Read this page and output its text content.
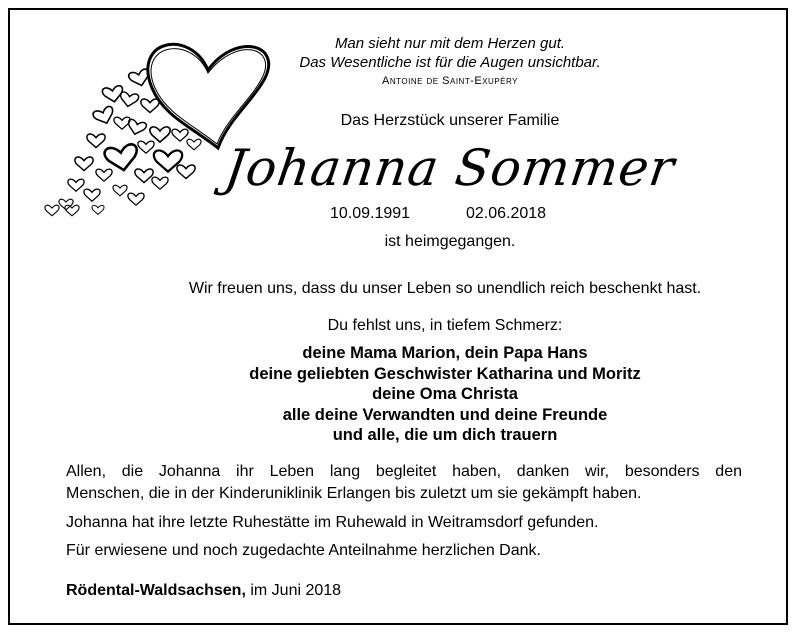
Man sieht nur mit dem Herzen gut.
Das Wesentliche ist für die Augen unsichtbar.
Antoine de Saint-Exupéry
Das Herzstück unserer Familie
Johanna Sommer
10.09.1991	02.06.2018
ist heimgegangen.
Wir freuen uns, dass du unser Leben so unendlich reich beschenkt hast.
Du fehlst uns, in tiefem Schmerz:
deine Mama Marion, dein Papa Hans
deine geliebten Geschwister Katharina und Moritz
deine Oma Christa
alle deine Verwandten und deine Freunde
und alle, die um dich trauern
Allen, die Johanna ihr Leben lang begleitet haben, danken wir, besonders den
Menschen, die in der Kinderuniklinik Erlangen bis zuletzt um sie gekämpft haben.
Johanna hat ihre letzte Ruhestätte im Ruhewald in Weitramsdorf gefunden.
Für erwiesene und noch zugedachte Anteilnahme herzlichen Dank.
Rödental-Waldsachsen, im Juni 2018
